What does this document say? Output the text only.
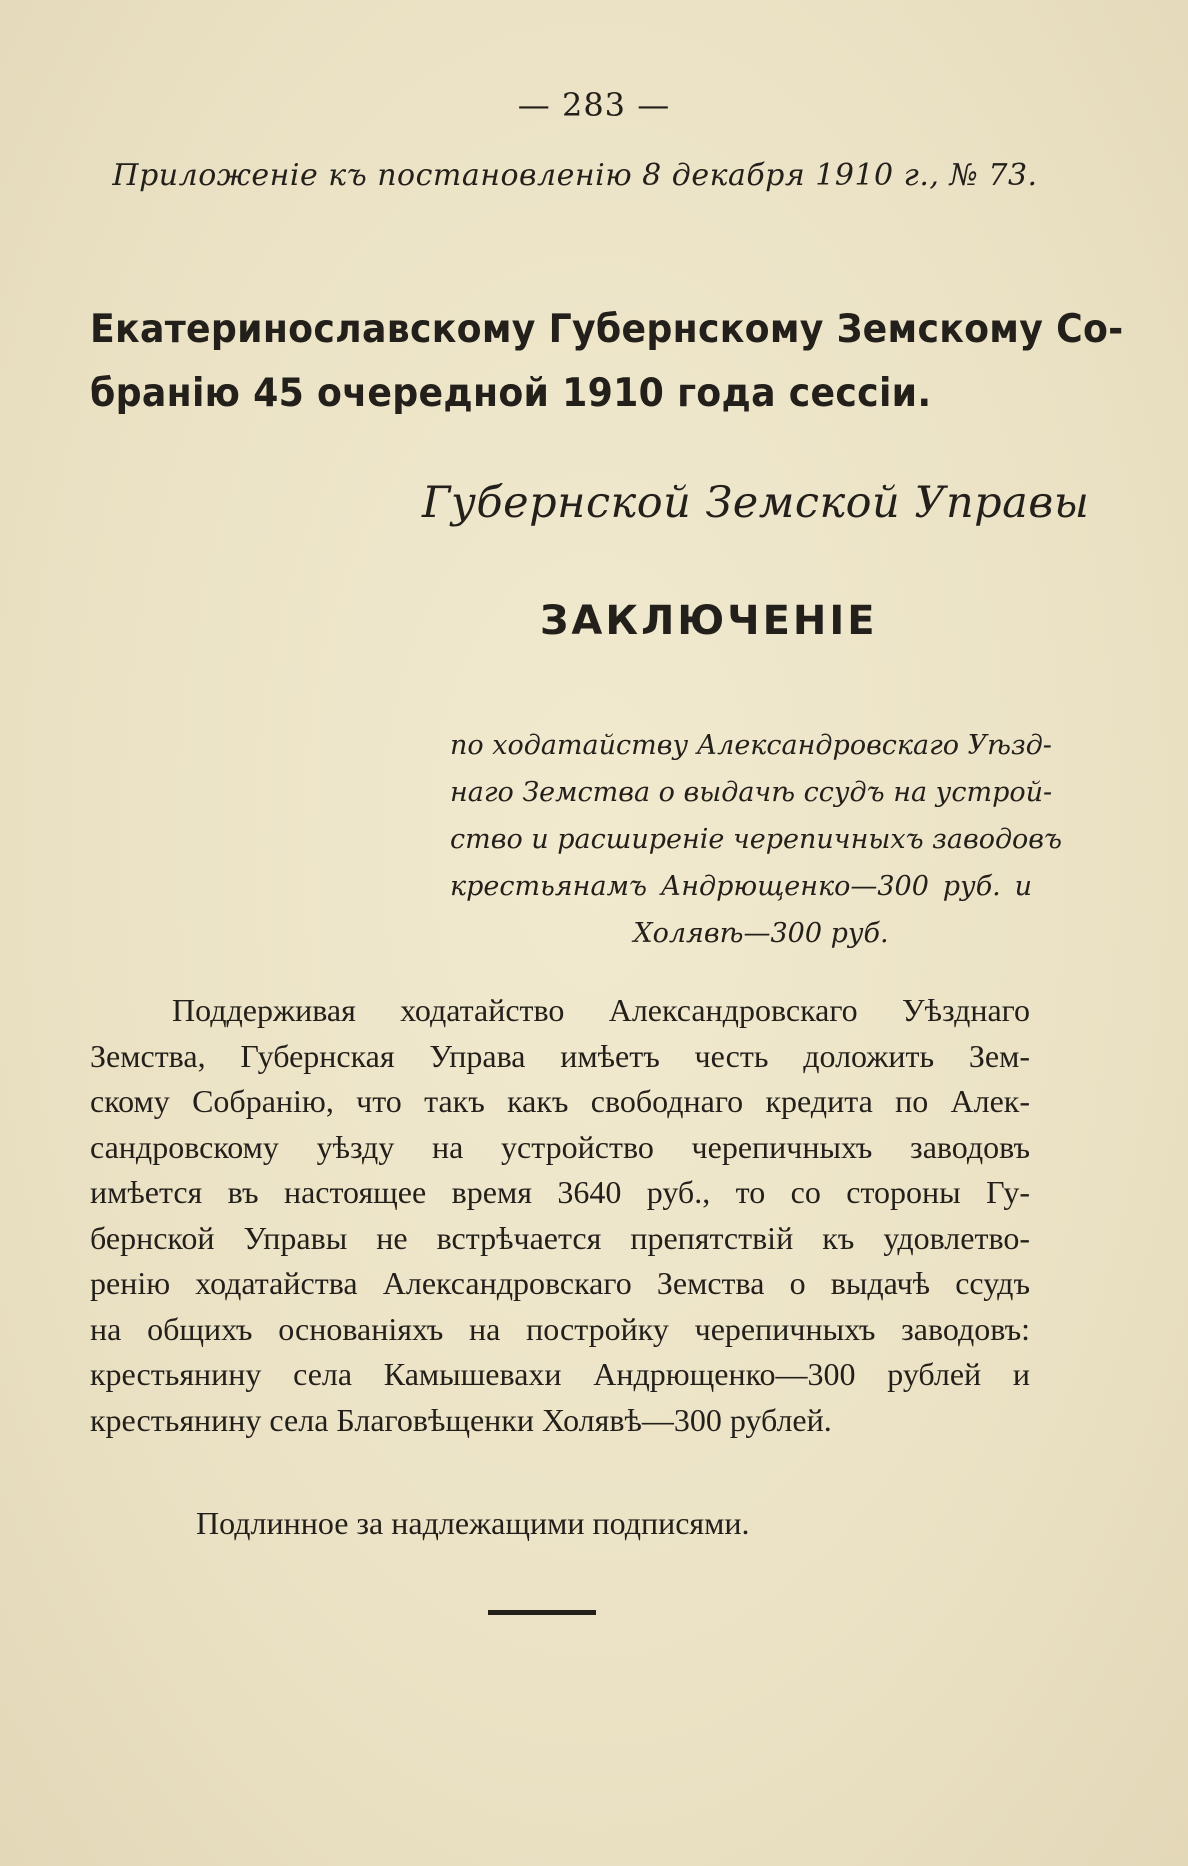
— 283 —
Приложеніе къ постановленію 8 декабря 1910 г., № 73.
Екатеринославскому Губернскому Земскому Со-
бранію 45 очередной 1910 года сессіи.
Губернской Земской Управы
ЗАКЛЮЧЕНІЕ
по ходатайству Александровскаго Уѣзд-
наго Земства о выдачѣ ссудъ на устрой-
ство и расширеніе черепичныхъ заводовъ
крестьянамъ Андрющенко—300 руб. и
Холявѣ—300 руб.
Поддерживая ходатайство Александровскаго Уѣзднаго
Земства, Губернская Управа имѣетъ честь доложить Зем-
скому Собранію, что такъ какъ свободнаго кредита по Алек-
сандровскому уѣзду на устройство черепичныхъ заводовъ
имѣется въ настоящее время 3640 руб., то со стороны Гу-
бернской Управы не встрѣчается препятствій къ удовлетво-
ренію ходатайства Александровскаго Земства о выдачѣ ссудъ
на общихъ основаніяхъ на постройку черепичныхъ заводовъ:
крестьянину села Камышевахи Андрющенко—300 рублей и
крестьянину села Благовѣщенки Холявѣ—300 рублей.
Подлинное за надлежащими подписями.
